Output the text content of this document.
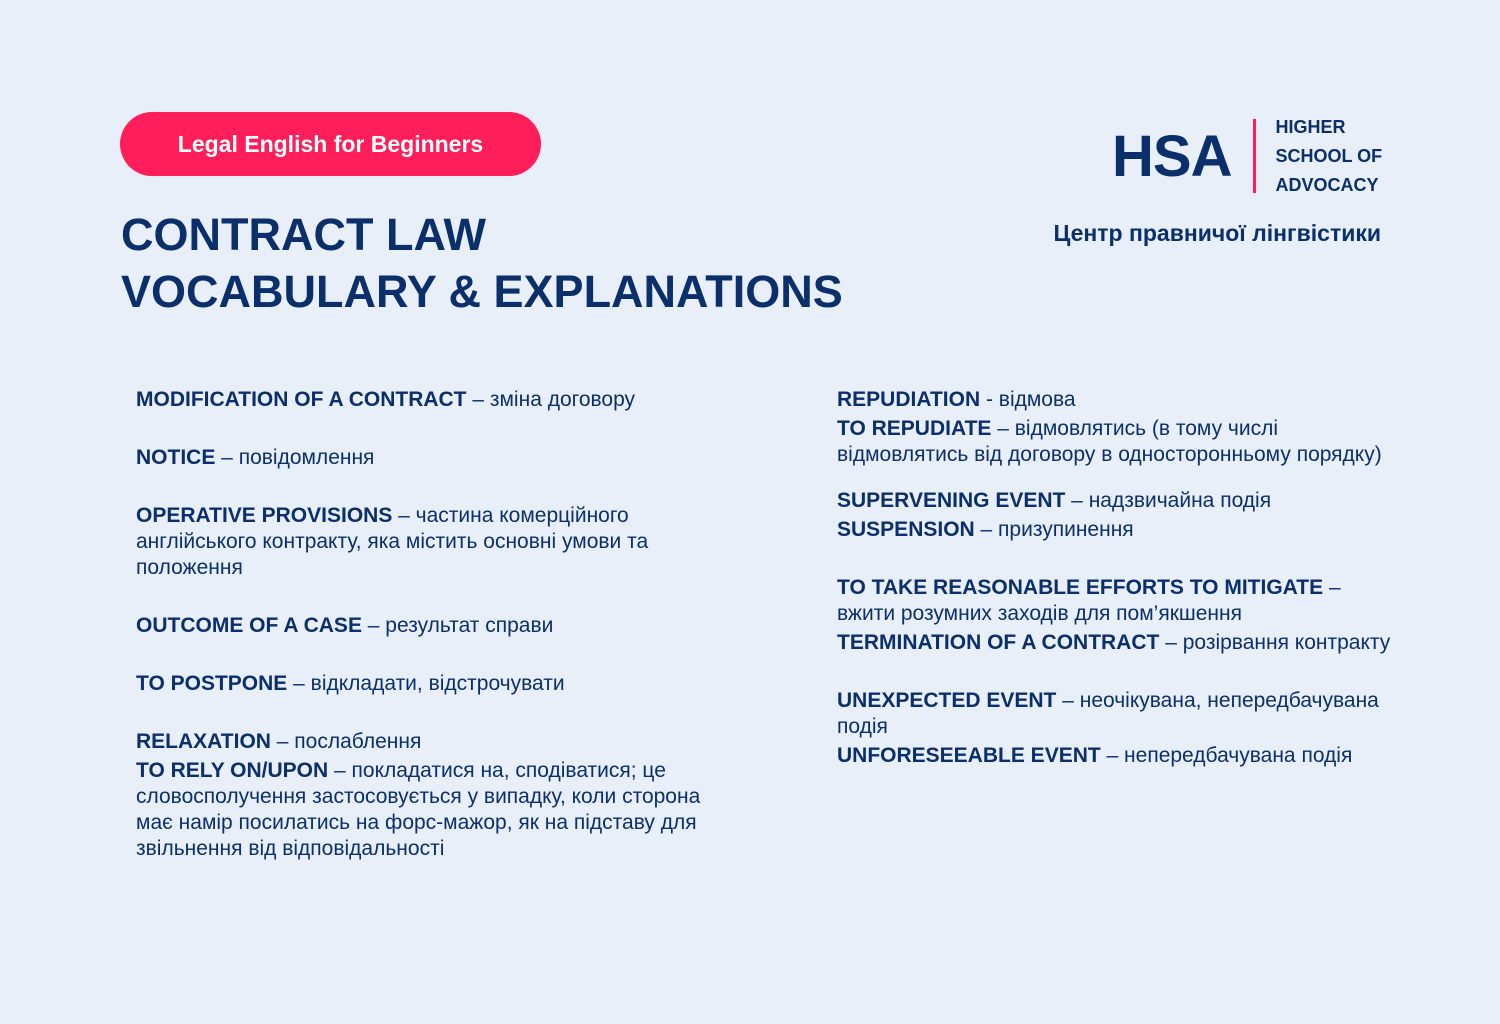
Legal English for Beginners
CONTRACT LAW
VOCABULARY & EXPLANATIONS
HSA HIGHER
SCHOOL OF
ADVOCACY
Центр правничої лінгвістики

MODIFICATION OF A CONTRACT – зміна договору

NOTICE – повідомлення

OPERATIVE PROVISIONS – частина комерційного англійського контракту, яка містить основні умови та положення

OUTCOME OF A CASE – результат справи

TO POSTPONE – відкладати, відстрочувати

RELAXATION – послаблення

TO RELY ON/UPON – покладатися на, сподіватися; це словосполучення застосовується у випадку, коли сторона має намір посилатись на форс-мажор, як на підставу для звільнення від відповідальності

REPUDIATION - відмова

TO REPUDIATE – відмовлятись (в тому числі відмовлятись від договору в односторонньому порядку)

SUPERVENING EVENT – надзвичайна подія

SUSPENSION – призупинення

TO TAKE REASONABLE EFFORTS TO MITIGATE – вжити розумних заходів для пом’якшення

TERMINATION OF A CONTRACT – розірвання контракту

UNEXPECTED EVENT – неочікувана, непередбачувана подія

UNFORESEEABLE EVENT – непередбачувана подія
